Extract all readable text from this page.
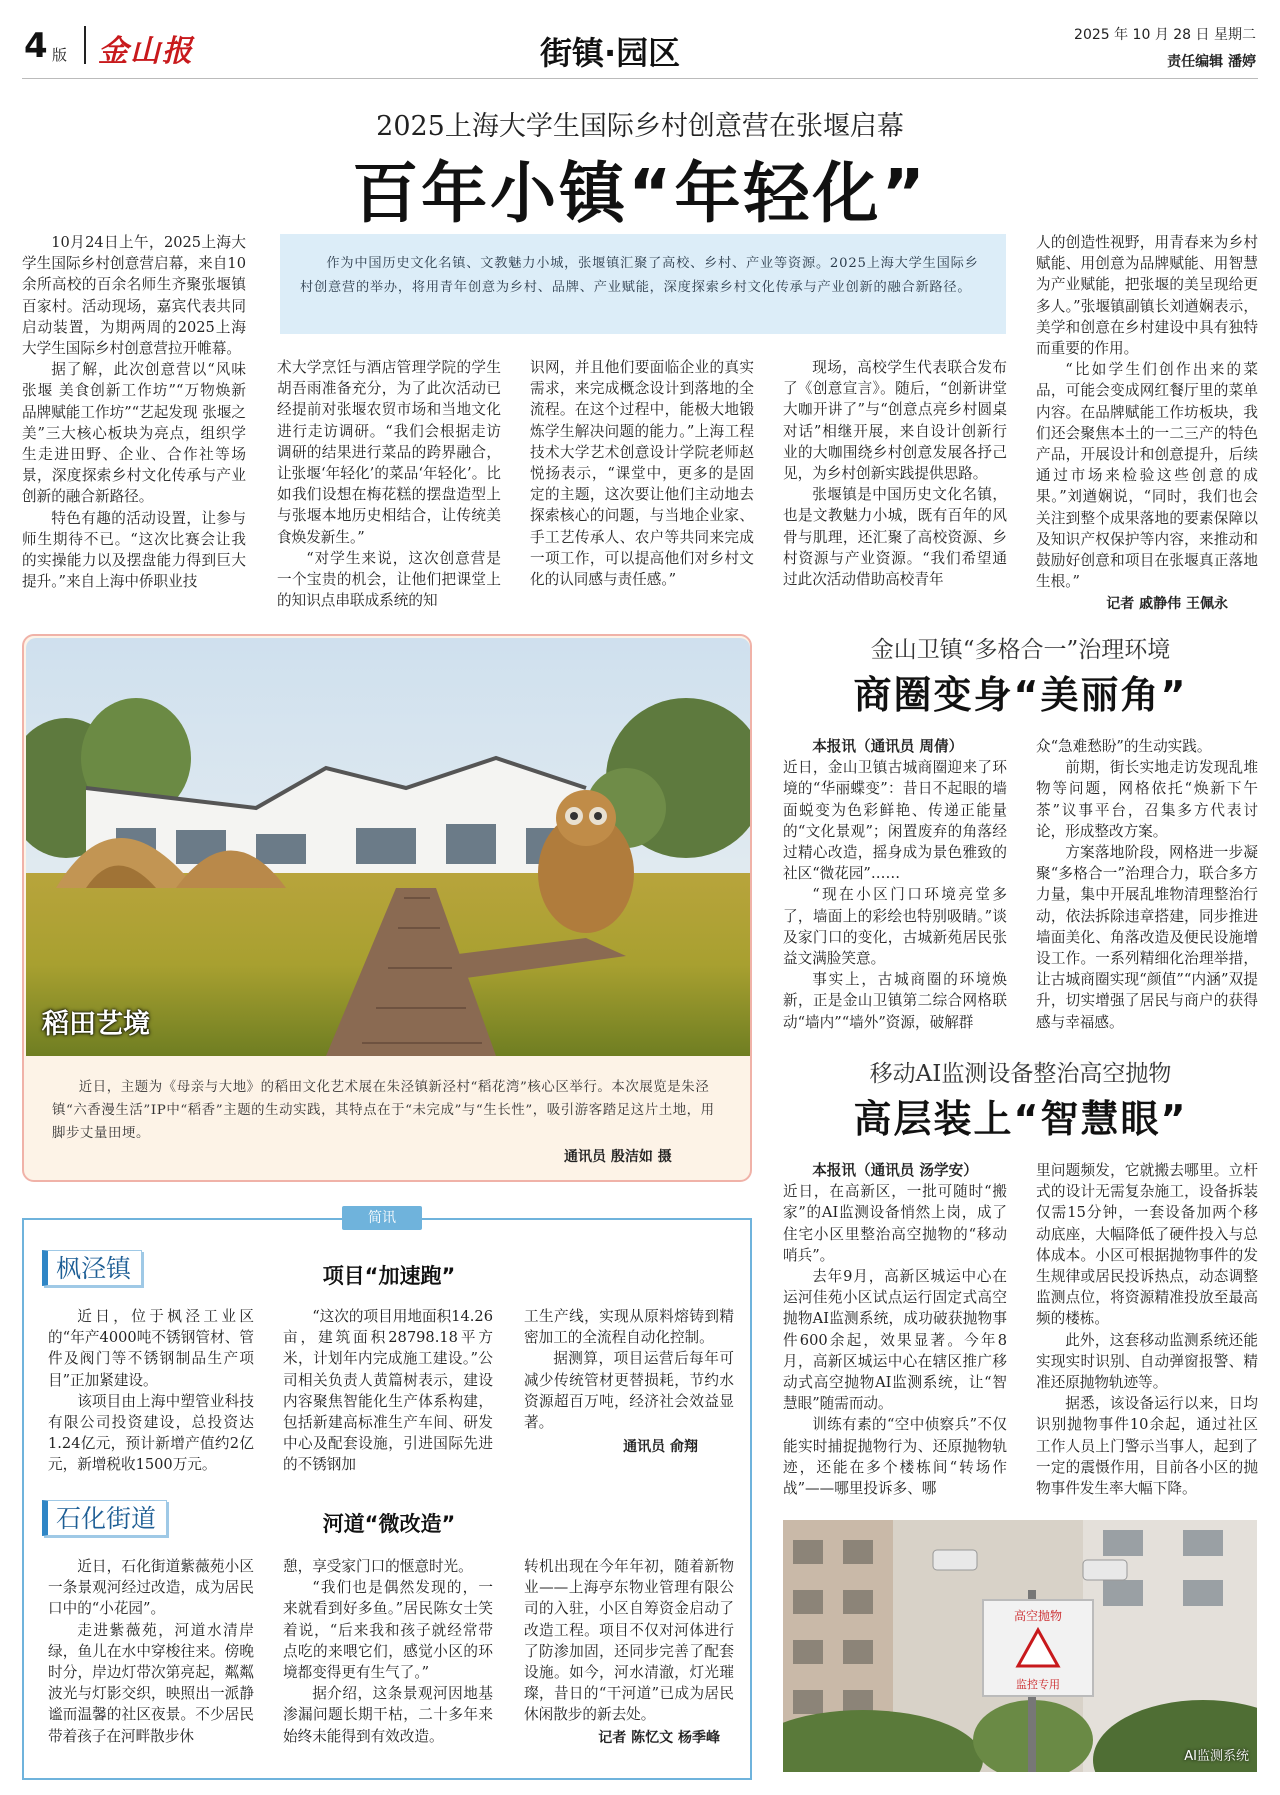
4 版 金山报	街镇·园区	2025 年 10 月 28 日 星期二
责任编辑 潘婷
2025上海大学生国际乡村创意营在张堰启幕
百年小镇“年轻化”

10月24日上午，2025上海大学生国际乡村创意营启幕，来自10余所高校的百余名师生齐聚张堰镇百家村。活动现场，嘉宾代表共同启动装置，为期两周的2025上海大学生国际乡村创意营拉开帷幕。

据了解，此次创意营以“风味张堰 美食创新工作坊”“万物焕新 品牌赋能工作坊”“艺起发现 张堰之美”三大核心板块为亮点，组织学生走进田野、企业、合作社等场景，深度探索乡村文化传承与产业创新的融合新路径。

特色有趣的活动设置，让参与师生期待不已。“这次比赛会让我的实操能力以及摆盘能力得到巨大提升。”来自上海中侨职业技

作为中国历史文化名镇、文教魅力小城，张堰镇汇聚了高校、乡村、产业等资源。2025上海大学生国际乡村创意营的举办，将用青年创意为乡村、品牌、产业赋能，深度探索乡村文化传承与产业创新的融合新路径。

术大学烹饪与酒店管理学院的学生胡吾雨准备充分，为了此次活动已经提前对张堰农贸市场和当地文化进行走访调研。“我们会根据走访调研的结果进行菜品的跨界融合，让张堰‘年轻化’的菜品‘年轻化’。比如我们设想在梅花糕的摆盘造型上与张堰本地历史相结合，让传统美食焕发新生。”

“对学生来说，这次创意营是一个宝贵的机会，让他们把课堂上的知识点串联成系统的知

识网，并且他们要面临企业的真实需求，来完成概念设计到落地的全流程。在这个过程中，能极大地锻炼学生解决问题的能力。”上海工程技术大学艺术创意设计学院老师赵悦扬表示，“课堂中，更多的是固定的主题，这次要让他们主动地去探索核心的问题，与当地企业家、手工艺传承人、农户等共同来完成一项工作，可以提高他们对乡村文化的认同感与责任感。”

现场，高校学生代表联合发布了《创意宣言》。随后，“创新讲堂大咖开讲了”与“创意点亮乡村圆桌对话”相继开展，来自设计创新行业的大咖围绕乡村创意发展各抒己见，为乡村创新实践提供思路。

张堰镇是中国历史文化名镇，也是文教魅力小城，既有百年的风骨与肌理，还汇聚了高校资源、乡村资源与产业资源。“我们希望通过此次活动借助高校青年

人的创造性视野，用青春来为乡村赋能、用创意为品牌赋能、用智慧为产业赋能，把张堰的美呈现给更多人。”张堰镇副镇长刘遒娴表示，美学和创意在乡村建设中具有独特而重要的作用。

“比如学生们创作出来的菜品，可能会变成网红餐厅里的菜单内容。在品牌赋能工作坊板块，我们还会聚焦本土的一二三产的特色产品，开展设计和创意提升，后续通过市场来检验这些创意的成果。”刘遒娴说，“同时，我们也会关注到整个成果落地的要素保障以及知识产权保护等内容，来推动和鼓励好创意和项目在张堰真正落地生根。”

记者 戚静伟 王佩永
稻田艺境
近日，主题为《母亲与大地》的稻田文化艺术展在朱泾镇新泾村“稻花湾”核心区举行。本次展览是朱泾镇“六香漫生活”IP中“稻香”主题的生动实践，其特点在于“未完成”与“生长性”，吸引游客踏足这片土地，用脚步丈量田埂。
通讯员 殷洁如 摄
金山卫镇“多格合一”治理环境
商圈变身“美丽角”
本报讯（通讯员 周倩）

近日，金山卫镇古城商圈迎来了环境的“华丽蝶变”：昔日不起眼的墙面蜕变为色彩鲜艳、传递正能量的“文化景观”；闲置废弃的角落经过精心改造，摇身成为景色雅致的社区“微花园”……

“现在小区门口环境亮堂多了，墙面上的彩绘也特别吸睛。”谈及家门口的变化，古城新苑居民张益文满脸笑意。

事实上，古城商圈的环境焕新，正是金山卫镇第二综合网格联动“墙内”“墙外”资源，破解群

众“急难愁盼”的生动实践。

前期，街长实地走访发现乱堆物等问题，网格依托“焕新下午茶”议事平台，召集多方代表讨论，形成整改方案。

方案落地阶段，网格进一步凝聚“多格合一”治理合力，联合多方力量，集中开展乱堆物清理整治行动，依法拆除违章搭建，同步推进墙面美化、角落改造及便民设施增设工作。一系列精细化治理举措，让古城商圈实现“颜值”“内涵”双提升，切实增强了居民与商户的获得感与幸福感。

移动AI监测设备整治高空抛物
高层装上“智慧眼”
本报讯（通讯员 汤学安）

近日，在高新区，一批可随时“搬家”的AI监测设备悄然上岗，成了住宅小区里整治高空抛物的“移动哨兵”。

去年9月，高新区城运中心在运河佳苑小区试点运行固定式高空抛物AI监测系统，成功破获抛物事件600余起，效果显著。今年8月，高新区城运中心在辖区推广移动式高空抛物AI监测系统，让“智慧眼”随需而动。

训练有素的“空中侦察兵”不仅能实时捕捉抛物行为、还原抛物轨迹，还能在多个楼栋间“转场作战”——哪里投诉多、哪

里问题频发，它就搬去哪里。立杆式的设计无需复杂施工，设备拆装仅需15分钟，一套设备加两个移动底座，大幅降低了硬件投入与总体成本。小区可根据抛物事件的发生规律或居民投诉热点，动态调整监测点位，将资源精准投放至最高频的楼栋。

此外，这套移动监测系统还能实现实时识别、自动弹窗报警、精准还原抛物轨迹等。

据悉，该设备运行以来，日均识别抛物事件10余起，通过社区工作人员上门警示当事人，起到了一定的震慑作用，目前各小区的抛物事件发生率大幅下降。

高空抛物
监控专用
AI监测系统
简讯
枫泾镇	项目“加速跑”

近日，位于枫泾工业区的“年产4000吨不锈钢管材、管件及阀门等不锈钢制品生产项目”正加紧建设。

该项目由上海中塑管业科技有限公司投资建设，总投资达1.24亿元，预计新增产值约2亿元，新增税收1500万元。

“这次的项目用地面积14.26亩，建筑面积28798.18平方米，计划年内完成施工建设。”公司相关负责人黄篇树表示，建设内容聚焦智能化生产体系构建，包括新建高标准生产车间、研发中心及配套设施，引进国际先进的不锈钢加

工生产线，实现从原料熔铸到精密加工的全流程自动化控制。

据测算，项目运营后每年可减少传统管材更替损耗，节约水资源超百万吨，经济社会效益显著。

通讯员 俞翔
石化街道	河道“微改造”

近日，石化街道紫薇苑小区一条景观河经过改造，成为居民口中的“小花园”。

走进紫薇苑，河道水清岸绿，鱼儿在水中穿梭往来。傍晚时分，岸边灯带次第亮起，粼粼波光与灯影交织，映照出一派静谧而温馨的社区夜景。不少居民带着孩子在河畔散步休

憩，享受家门口的惬意时光。

“我们也是偶然发现的，一来就看到好多鱼。”居民陈女士笑着说，“后来我和孩子就经常带点吃的来喂它们，感觉小区的环境都变得更有生气了。”

据介绍，这条景观河因地基渗漏问题长期干枯，二十多年来始终未能得到有效改造。

转机出现在今年年初，随着新物业——上海亭东物业管理有限公司的入驻，小区自筹资金启动了改造工程。项目不仅对河体进行了防渗加固，还同步完善了配套设施。如今，河水清澈，灯光璀璨，昔日的“干河道”已成为居民休闲散步的新去处。

记者 陈忆文 杨季峰
